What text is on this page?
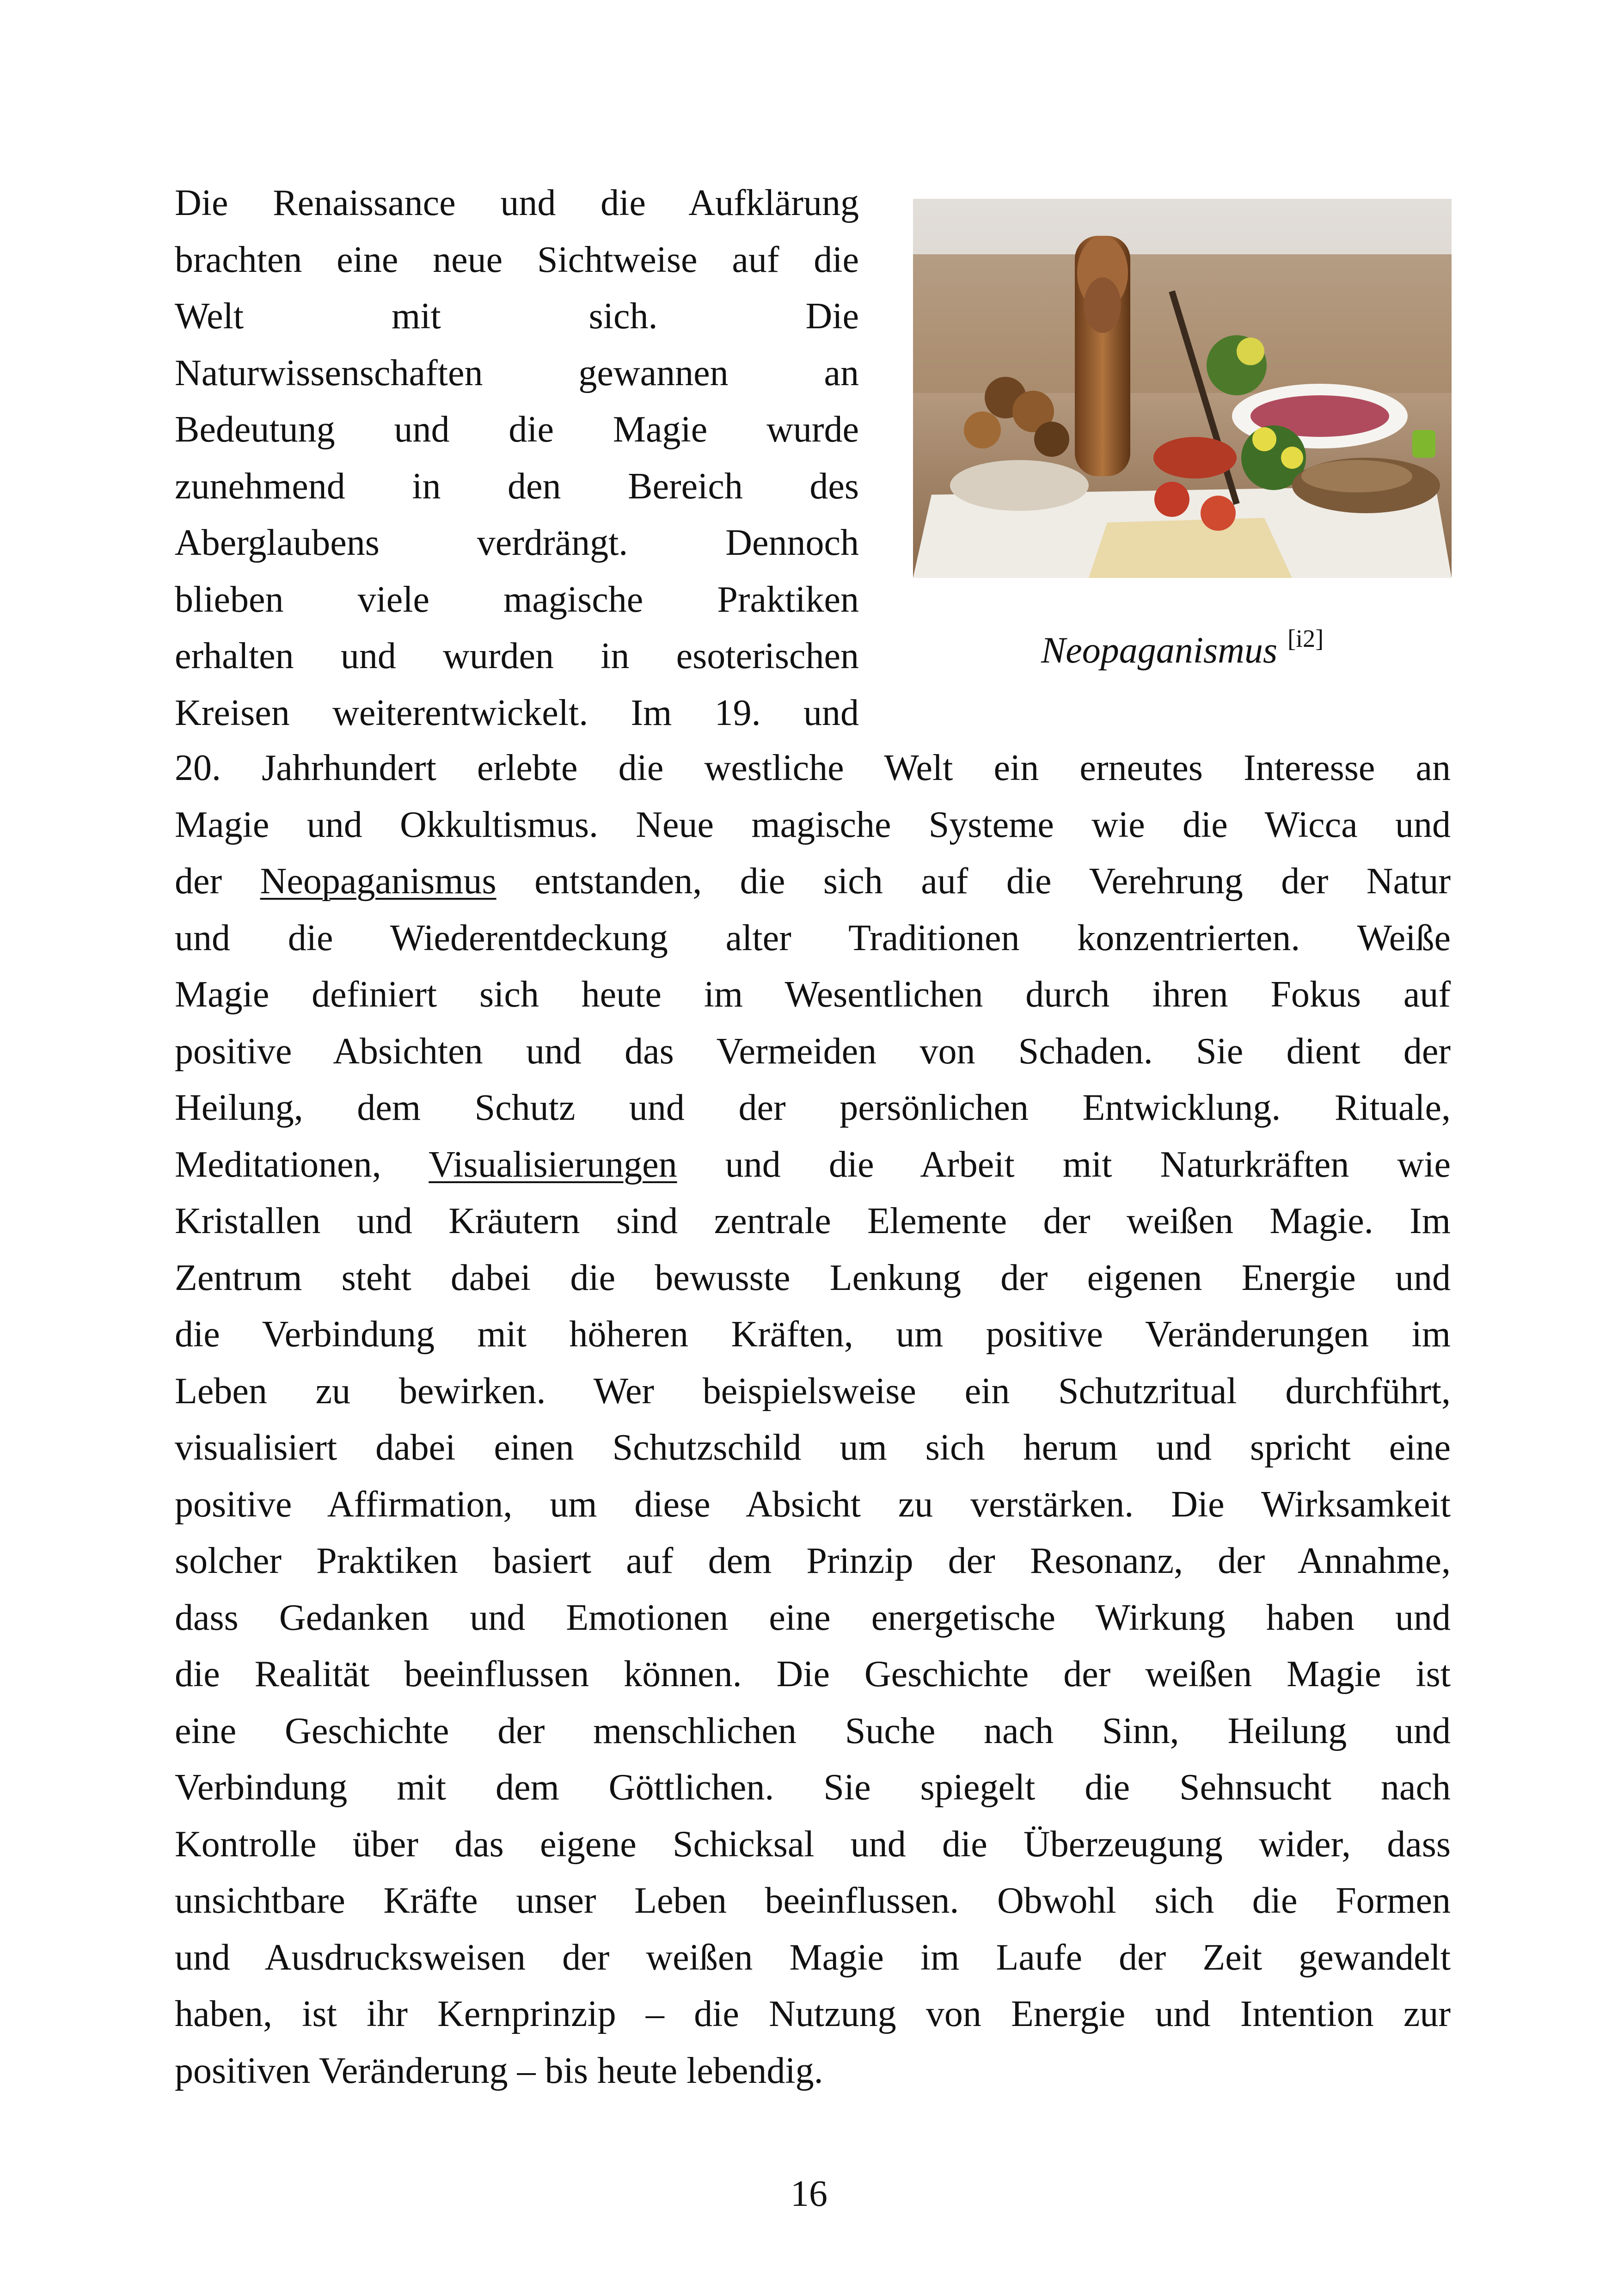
Die Renaissance und die Aufklärung
brachten eine neue Sichtweise auf die
Welt mit sich. Die
Naturwissenschaften gewannen an
Bedeutung und die Magie wurde
zunehmend in den Bereich des
Aberglaubens verdrängt. Dennoch
blieben viele magische Praktiken
erhalten und wurden in esoterischen
Kreisen weiterentwickelt. Im 19. und
Neopaganismus [i2]
20. Jahrhundert erlebte die westliche Welt ein erneutes Interesse an
Magie und Okkultismus. Neue magische Systeme wie die Wicca und
der Neopaganismus entstanden, die sich auf die Verehrung der Natur
und die Wiederentdeckung alter Traditionen konzentrierten. Weiße
Magie definiert sich heute im Wesentlichen durch ihren Fokus auf
positive Absichten und das Vermeiden von Schaden. Sie dient der
Heilung, dem Schutz und der persönlichen Entwicklung. Rituale,
Meditationen, Visualisierungen und die Arbeit mit Naturkräften wie
Kristallen und Kräutern sind zentrale Elemente der weißen Magie. Im
Zentrum steht dabei die bewusste Lenkung der eigenen Energie und
die Verbindung mit höheren Kräften, um positive Veränderungen im
Leben zu bewirken. Wer beispielsweise ein Schutzritual durchführt,
visualisiert dabei einen Schutzschild um sich herum und spricht eine
positive Affirmation, um diese Absicht zu verstärken. Die Wirksamkeit
solcher Praktiken basiert auf dem Prinzip der Resonanz, der Annahme,
dass Gedanken und Emotionen eine energetische Wirkung haben und
die Realität beeinflussen können. Die Geschichte der weißen Magie ist
eine Geschichte der menschlichen Suche nach Sinn, Heilung und
Verbindung mit dem Göttlichen. Sie spiegelt die Sehnsucht nach
Kontrolle über das eigene Schicksal und die Überzeugung wider, dass
unsichtbare Kräfte unser Leben beeinflussen. Obwohl sich die Formen
und Ausdrucksweisen der weißen Magie im Laufe der Zeit gewandelt
haben, ist ihr Kernprinzip – die Nutzung von Energie und Intention zur
positiven Veränderung – bis heute lebendig.
16
